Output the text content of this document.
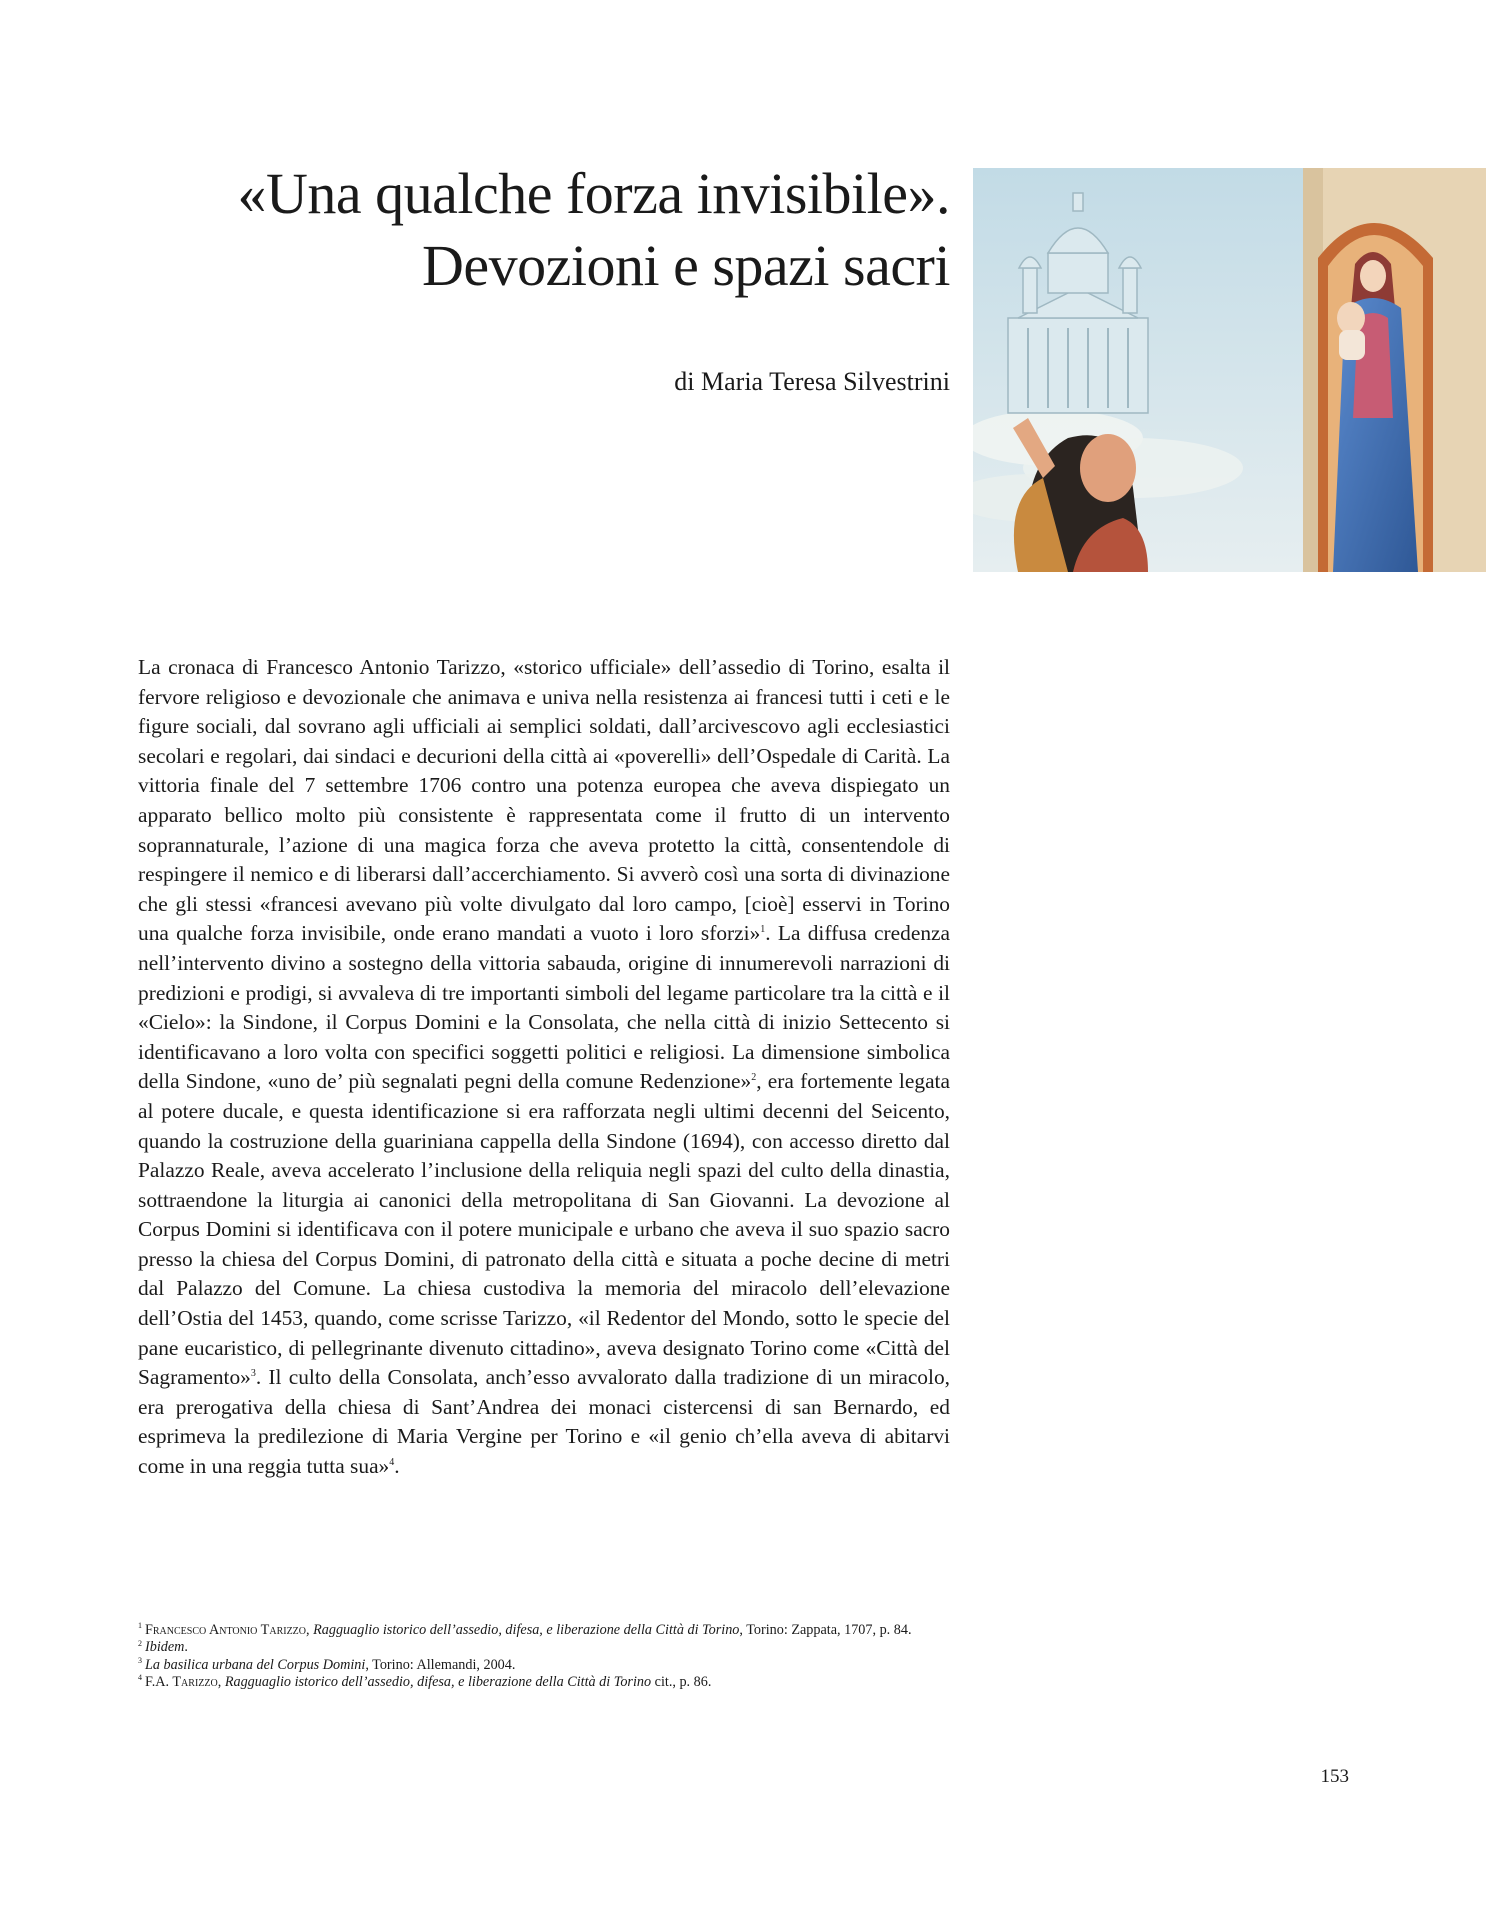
«Una qualche forza invisibile».
Devozioni e spazi sacri

di Maria Teresa Silvestrini

La cronaca di Francesco Antonio Tarizzo, «storico ufficiale» dell’assedio di Torino, esalta il fervore religioso e devozionale che animava e univa nella resistenza ai francesi tutti i ceti e le figure sociali, dal sovrano agli ufficiali ai semplici soldati, dall’arcivescovo agli ecclesiastici secolari e regolari, dai sindaci e decurioni della città ai «poverelli» dell’Ospedale di Carità. La vittoria finale del 7 settembre 1706 contro una potenza europea che aveva dispiegato un apparato bellico molto più consistente è rappresentata come il frutto di un intervento soprannaturale, l’azione di una magica forza che aveva protetto la città, consentendole di respingere il nemico e di liberarsi dall’accerchiamento. Si avverò così una sorta di divinazione che gli stessi «francesi avevano più volte divulgato dal loro campo, [cioè] esservi in Torino una qualche forza invisibile, onde erano mandati a vuoto i loro sforzi»$^1$. La diffusa credenza nell’intervento divino a sostegno della vittoria sabauda, origine di innumerevoli narrazioni di predizioni e prodigi, si avvaleva di tre importanti simboli del legame particolare tra la città e il «Cielo»: la Sindone, il Corpus Domini e la Consolata, che nella città di inizio Settecento si identificavano a loro volta con specifici soggetti politici e religiosi. La dimensione simbolica della Sindone, «uno de’ più segnalati pegni della comune Redenzione»$^2$, era fortemente legata al potere ducale, e questa identificazione si era rafforzata negli ultimi decenni del Seicento, quando la costruzione della guariniana cappella della Sindone (1694), con accesso diretto dal Palazzo Reale, aveva accelerato l’inclusione della reliquia negli spazi del culto della dinastia, sottraendone la liturgia ai canonici della metropolitana di San Giovanni. La devozione al Corpus Domini si identificava con il potere municipale e urbano che aveva il suo spazio sacro presso la chiesa del Corpus Domini, di patronato della città e situata a poche decine di metri dal Palazzo del Comune. La chiesa custodiva la memoria del miracolo dell’elevazione dell’Ostia del 1453, quando, come scrisse Tarizzo, «il Redentor del Mondo, sotto le specie del pane eucaristico, di pellegrinante divenuto cittadino», aveva designato Torino come «Città del Sagramento»$^3$. Il culto della Consolata, anch’esso avvalorato dalla tradizione di un miracolo, era prerogativa della chiesa di Sant’Andrea dei monaci cistercensi di san Bernardo, ed esprimeva la predilezione di Maria Vergine per Torino e «il genio ch’ella aveva di abitarvi come in una reggia tutta sua»$^4$.

$^1$ Francesco Antonio Tarizzo, Ragguaglio istorico dell’assedio, difesa, e liberazione della Città di Torino, Torino: Zappata, 1707, p. 84.
$^2$ Ibidem.
$^3$ La basilica urbana del Corpus Domini, Torino: Allemandi, 2004.
$^4$ F.A. Tarizzo, Ragguaglio istorico dell’assedio, difesa, e liberazione della Città di Torino cit., p. 86.
153
